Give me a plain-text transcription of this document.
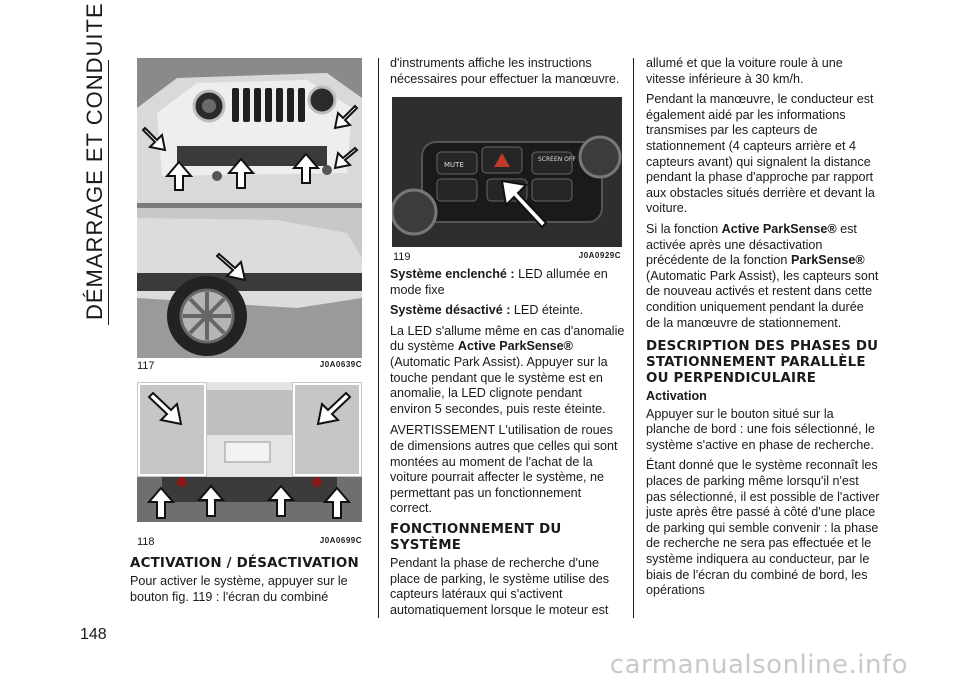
DÉMARRAGE ET CONDUITE
117	J0A0639C
118	J0A0699C
ACTIVATION / DÉSACTIVATION

Pour activer le système, appuyer sur le bouton fig. 119 : l'écran du combiné

d'instruments affiche les instructions nécessaires pour effectuer la manœuvre.

MUTE
SCREEN OFF
119	J0A0929C

Système enclenché : LED allumée en mode fixe

Système désactivé : LED éteinte.

La LED s'allume même en cas d'anomalie du système Active ParkSense® (Automatic Park Assist). Appuyer sur la touche pendant que le système est en anomalie, la LED clignote pendant environ 5 secondes, puis reste éteinte.

AVERTISSEMENT L'utilisation de roues de dimensions autres que celles qui sont montées au moment de l'achat de la voiture pourrait affecter le système, ne permettant pas un fonctionnement correct.

FONCTIONNEMENT DU SYSTÈME

Pendant la phase de recherche d'une place de parking, le système utilise des capteurs latéraux qui s'activent automatiquement lorsque le moteur est

allumé et que la voiture roule à une vitesse inférieure à 30 km/h.

Pendant la manœuvre, le conducteur est également aidé par les informations transmises par les capteurs de stationnement (4 capteurs arrière et 4 capteurs avant) qui signalent la distance pendant la phase d'approche par rapport aux obstacles situés derrière et devant la voiture.

Si la fonction Active ParkSense® est activée après une désactivation précédente de la fonction ParkSense® (Automatic Park Assist), les capteurs sont de nouveau activés et restent dans cette condition uniquement pendant la durée de la manœuvre de stationnement.

DESCRIPTION DES PHASES DU STATIONNEMENT PARALLÈLE OU PERPENDICULAIRE
Activation

Appuyer sur le bouton situé sur la planche de bord : une fois sélectionné, le système s'active en phase de recherche.

Étant donné que le système reconnaît les places de parking même lorsqu'il n'est pas sélectionné, il est possible de l'activer juste après être passé à côté d'une place de parking qui semble convenir : la phase de recherche ne sera pas effectuée et le système indiquera au conducteur, par le biais de l'écran du combiné de bord, les opérations

148
carmanualsonline.info
